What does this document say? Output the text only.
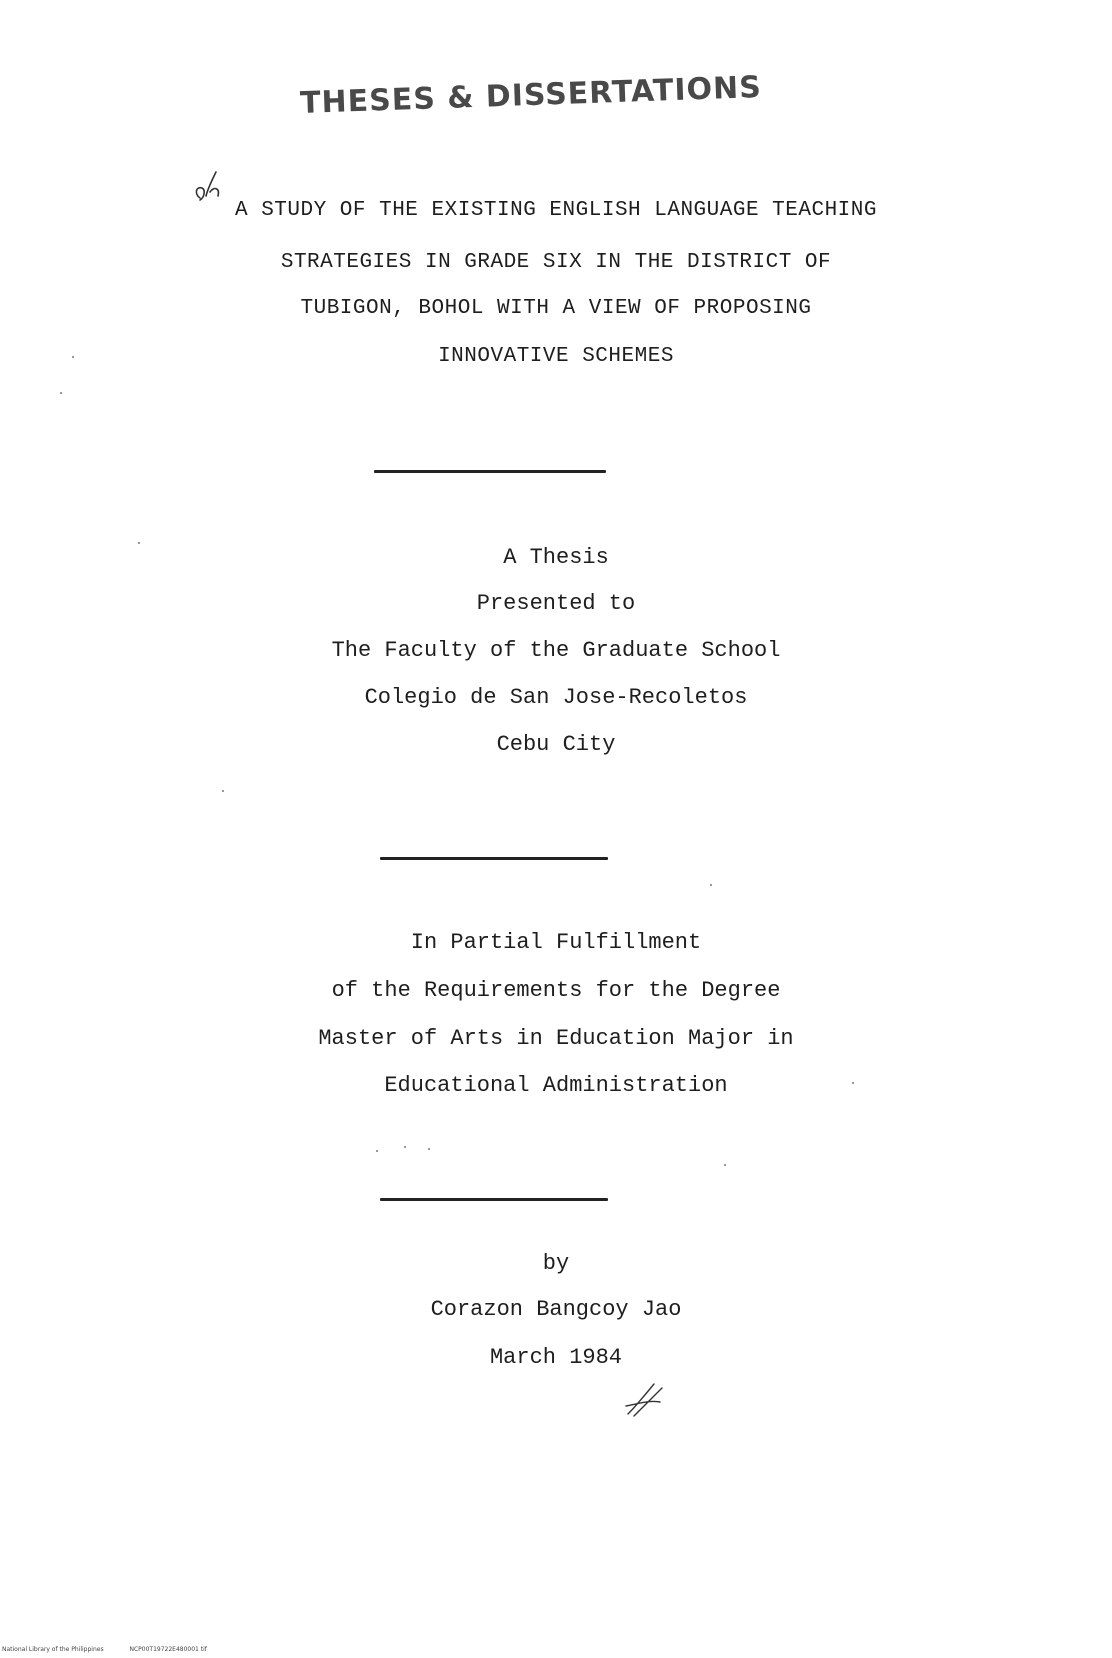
THESES & DISSERTATIONS
A STUDY OF THE EXISTING ENGLISH LANGUAGE TEACHING
STRATEGIES IN GRADE SIX IN THE DISTRICT OF
TUBIGON, BOHOL WITH A VIEW OF PROPOSING
INNOVATIVE SCHEMES
A Thesis
Presented to
The Faculty of the Graduate School
Colegio de San Jose-Recoletos
Cebu City
In Partial Fulfillment
of the Requirements for the Degree
Master of Arts in Education Major in
Educational Administration
by
Corazon Bangcoy Jao
March 1984
National Library of the Philippines	NCP00T19722E480001 tif
